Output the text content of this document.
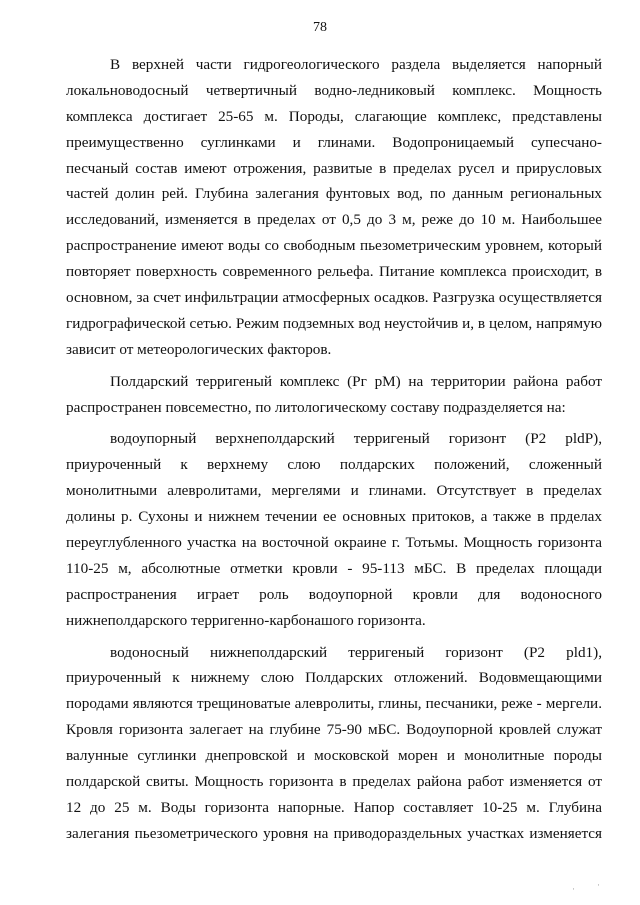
78
В верхней части гидрогеологического раздела выделяется напорный
локальноводосный четвертичный водно-ледниковый комплекс. Мощность
комплекса достигает 25-65 м. Породы, слагающие комплекс, представлены
преимущественно суглинками и глинами. Водопроницаемый супесчано-
песчаный состав имеют отрожения, развитые в пределах русел и прирусловых
частей долин рей. Глубина залегания фунтовых вод, по данным региональных
исследований, изменяется в пределах от 0,5 до 3 м, реже до 10 м. Наибольшее
распространение имеют воды со свободным пьезометрическим уровнем, который
повторяет поверхность современного рельефа. Питание комплекса происходит, в
основном, за счет инфильтрации атмосферных осадков. Разгрузка осуществляется
гидрографической сетью. Режим подземных вод неустойчив и, в целом, напрямую
зависит от метеорологических факторов.
Полдарский терригеный комплекс (Рг рМ) на территории района работ
распространен повсеместно, по литологическому составу подразделяется на:
водоупорный верхнеполдарский терригеный горизонт (Р2 pldP),
приуроченный к верхнему слою полдарских положений, сложенный
монолитными алевролитами, мергелями и глинами. Отсутствует в пределах
долины р. Сухоны и нижнем течении ее основных притоков, а также в прделах
переуглубленного участка на восточной окраине г. Тотьмы. Мощность горизонта
110-25 м, абсолютные отметки кровли - 95-113 мБС. В пределах площади
распространения играет роль водоупорной кровли для водоносного
нижнеполдарского терригенно-карбонашого горизонта.
водоносный нижнеполдарский терригеный горизонт (Р2 pld1),
приуроченный к нижнему слою Полдарских отложений. Водовмещающими
породами являются трещиноватые алевролиты, глины, песчаники, реже - мергели.
Кровля горизонта залегает на глубине 75-90 мБС. Водоупорной кровлей служат
валунные суглинки днепровской и московской морен и монолитные породы
полдарской свиты. Мощность горизонта в пределах района работ изменяется от
12 до 25 м. Воды горизонта напорные. Напор составляет 10-25 м. Глубина
залегания пьезометрического уровня на приводораздельных участках изменяется
· ·
